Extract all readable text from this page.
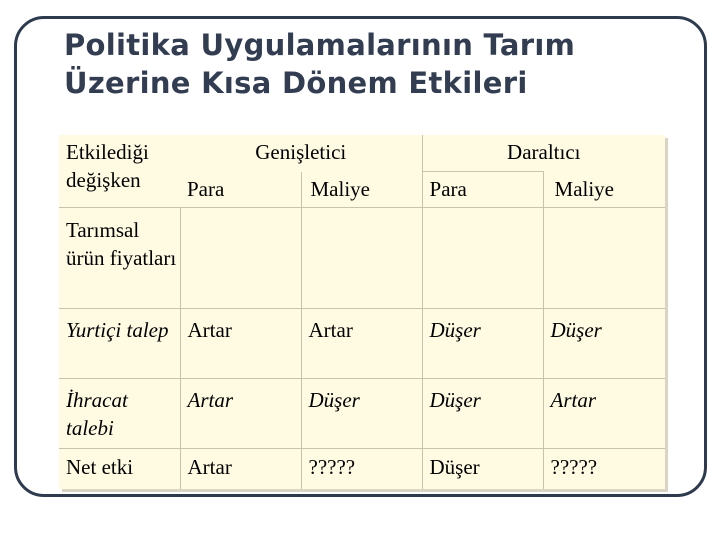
Politika Uygulamalarının Tarım
Üzerine Kısa Dönem Etkileri
Etkilediği değişken	Genişletici		Daraltıcı	
	Para	Maliye	Para	Maliye
Tarımsal ürün fiyatları				
Yurtiçi talep	Artar	Artar	Düşer	Düşer
İhracat talebi	Artar	Düşer	Düşer	Artar
Net etki	Artar	?????	Düşer	?????
